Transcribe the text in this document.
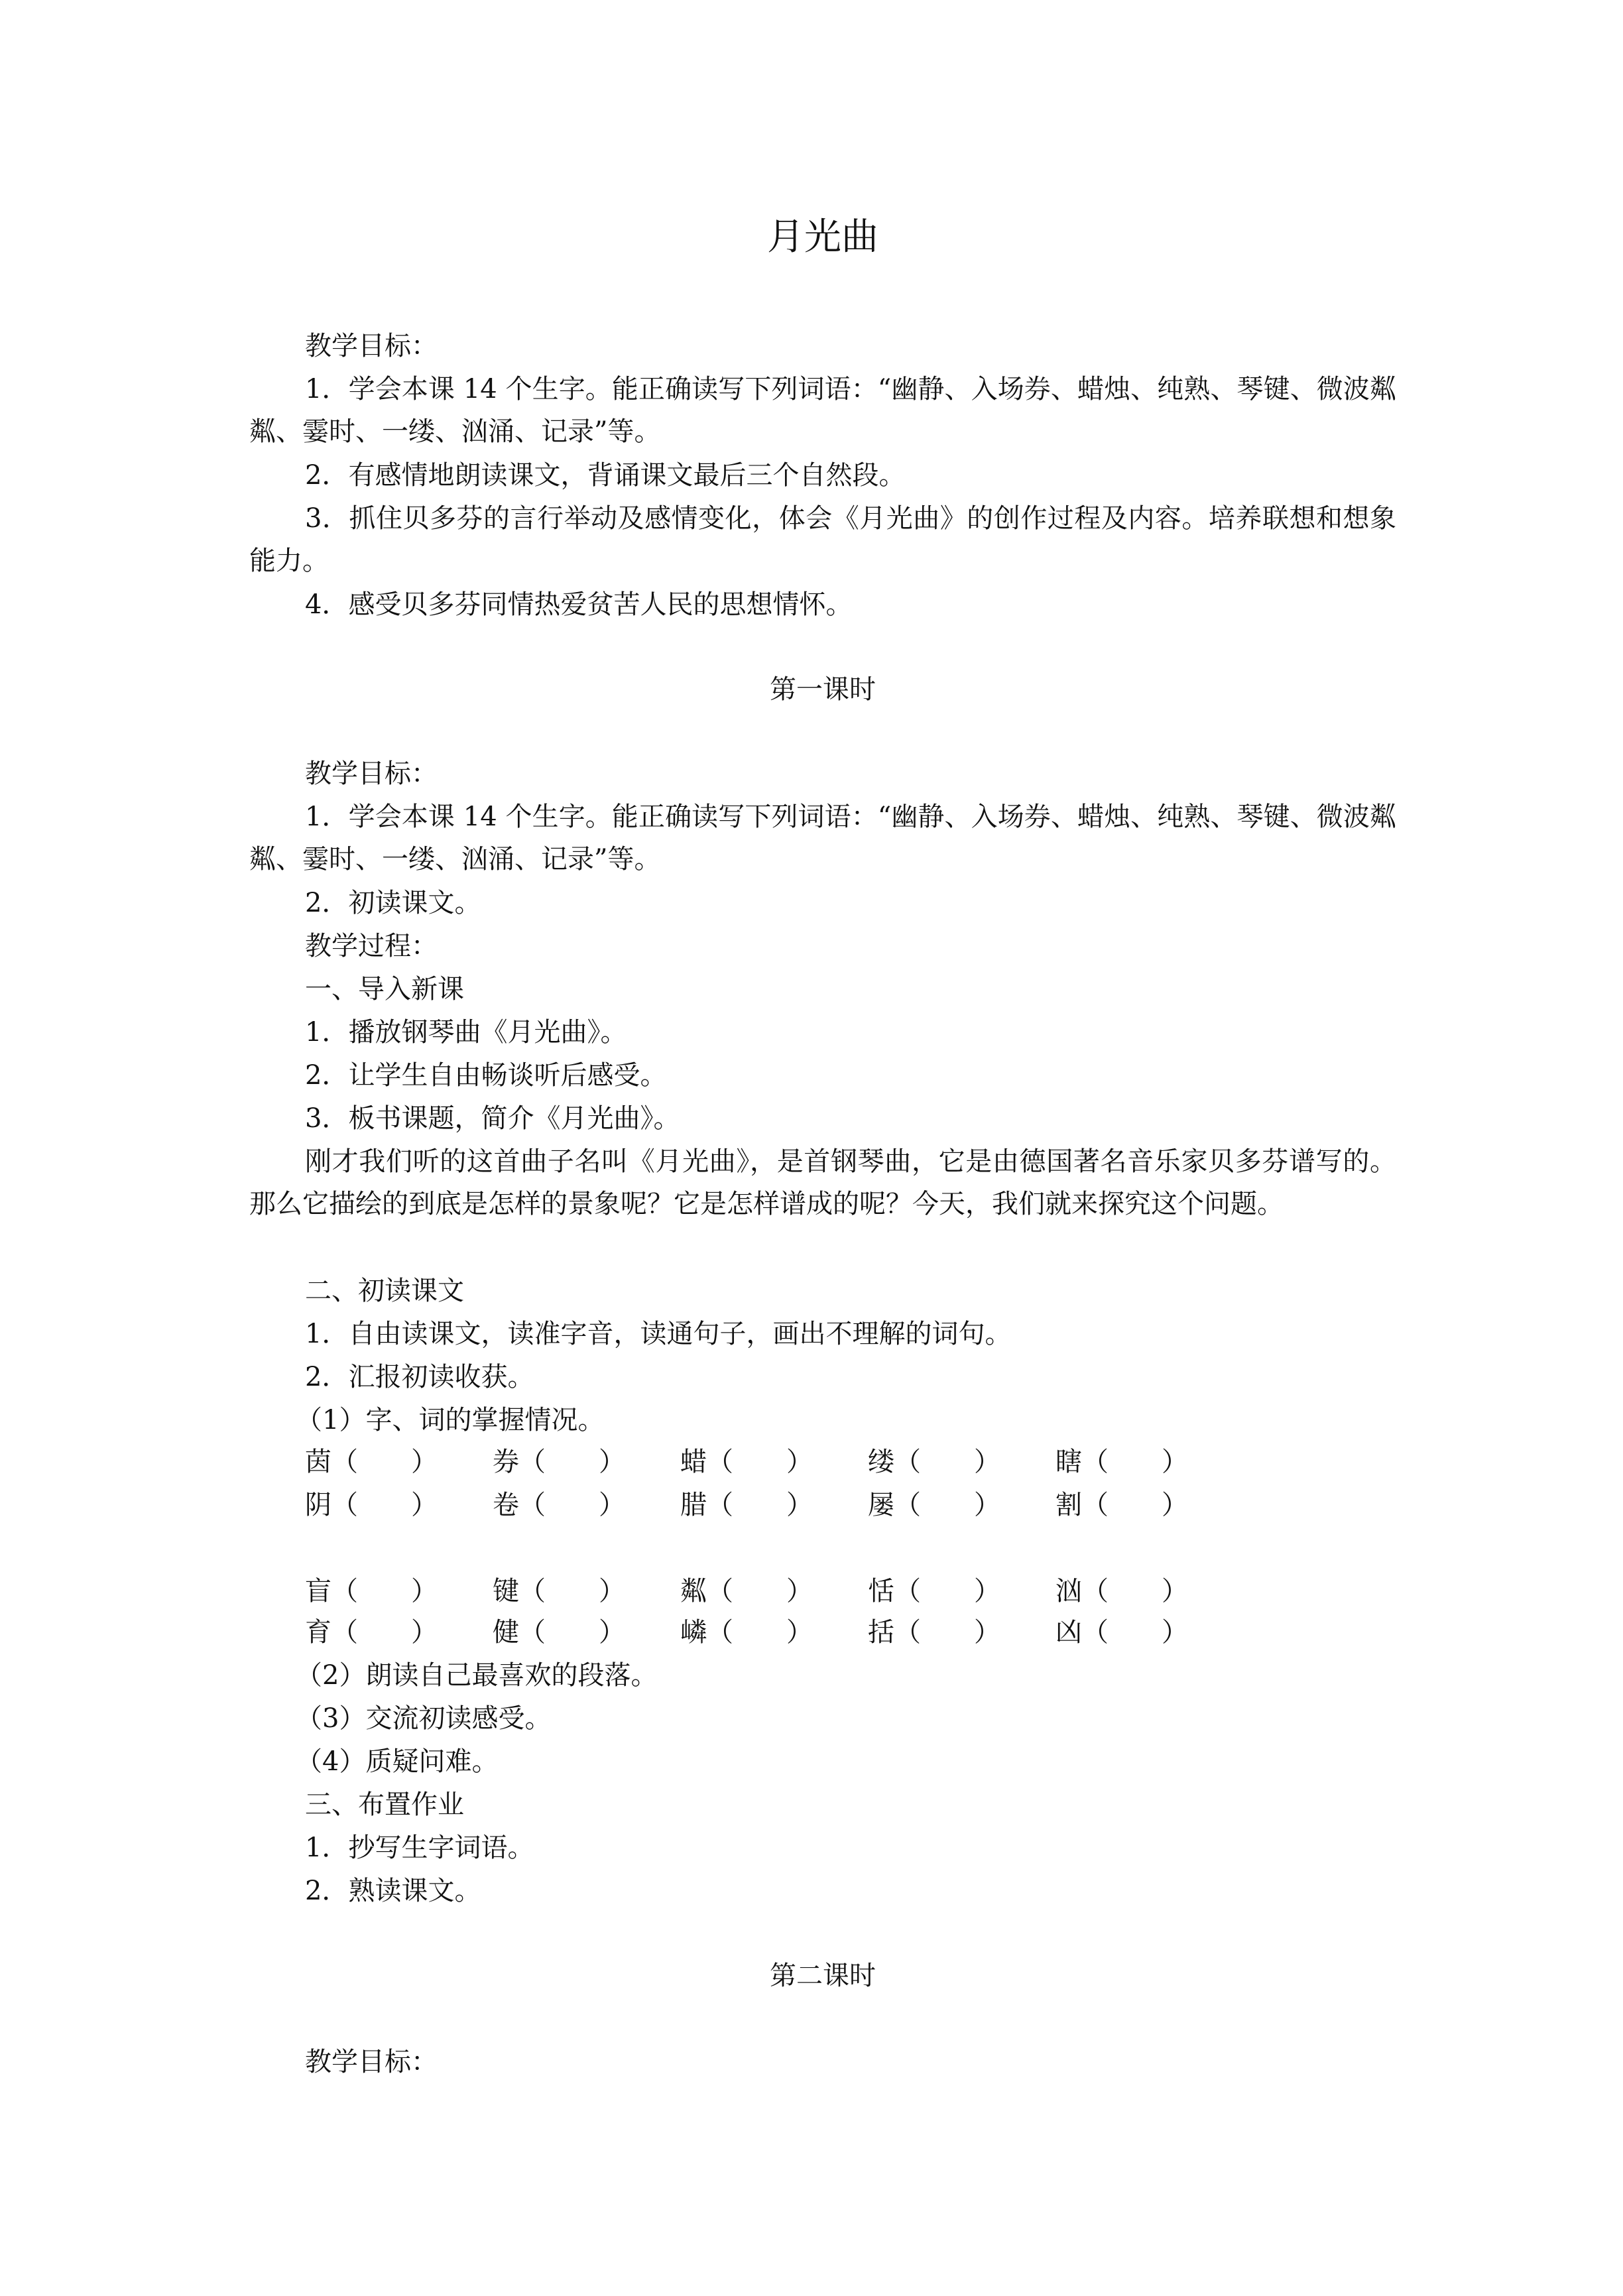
月光曲
教学目标：
1．学会本课 14 个生字。能正确读写下列词语：“幽静、入场券、蜡烛、纯熟、琴键、微波粼粼、霎时、一缕、汹涌、记录”等。
2．有感情地朗读课文，背诵课文最后三个自然段。
3．抓住贝多芬的言行举动及感情变化，体会《月光曲》的创作过程及内容。培养联想和想象能力。
4．感受贝多芬同情热爱贫苦人民的思想情怀。
第一课时
教学目标：
1．学会本课 14 个生字。能正确读写下列词语：“幽静、入场券、蜡烛、纯熟、琴键、微波粼粼、霎时、一缕、汹涌、记录”等。
2．初读课文。
教学过程：
一、导入新课
1．播放钢琴曲《月光曲》。
2．让学生自由畅谈听后感受。
3．板书课题，简介《月光曲》。
刚才我们听的这首曲子名叫《月光曲》，是首钢琴曲，它是由德国著名音乐家贝多芬谱写的。那么它描绘的到底是怎样的景象呢？它是怎样谱成的呢？今天，我们就来探究这个问题。
二、初读课文
1．自由读课文，读准字音，读通句子，画出不理解的词句。
2．汇报初读收获。
（1）字、词的掌握情况。
茵（　　） 券（　　） 蜡（　　） 缕（　　） 瞎（　　）
阴（　　） 卷（　　） 腊（　　） 屡（　　） 割（　　）
盲（　　） 键（　　） 粼（　　） 恬（　　） 汹（　　）
育（　　） 健（　　） 嶙（　　） 括（　　） 凶（　　）
（2）朗读自己最喜欢的段落。
（3）交流初读感受。
（4）质疑问难。
三、布置作业
1．抄写生字词语。
2．熟读课文。
第二课时
教学目标：
